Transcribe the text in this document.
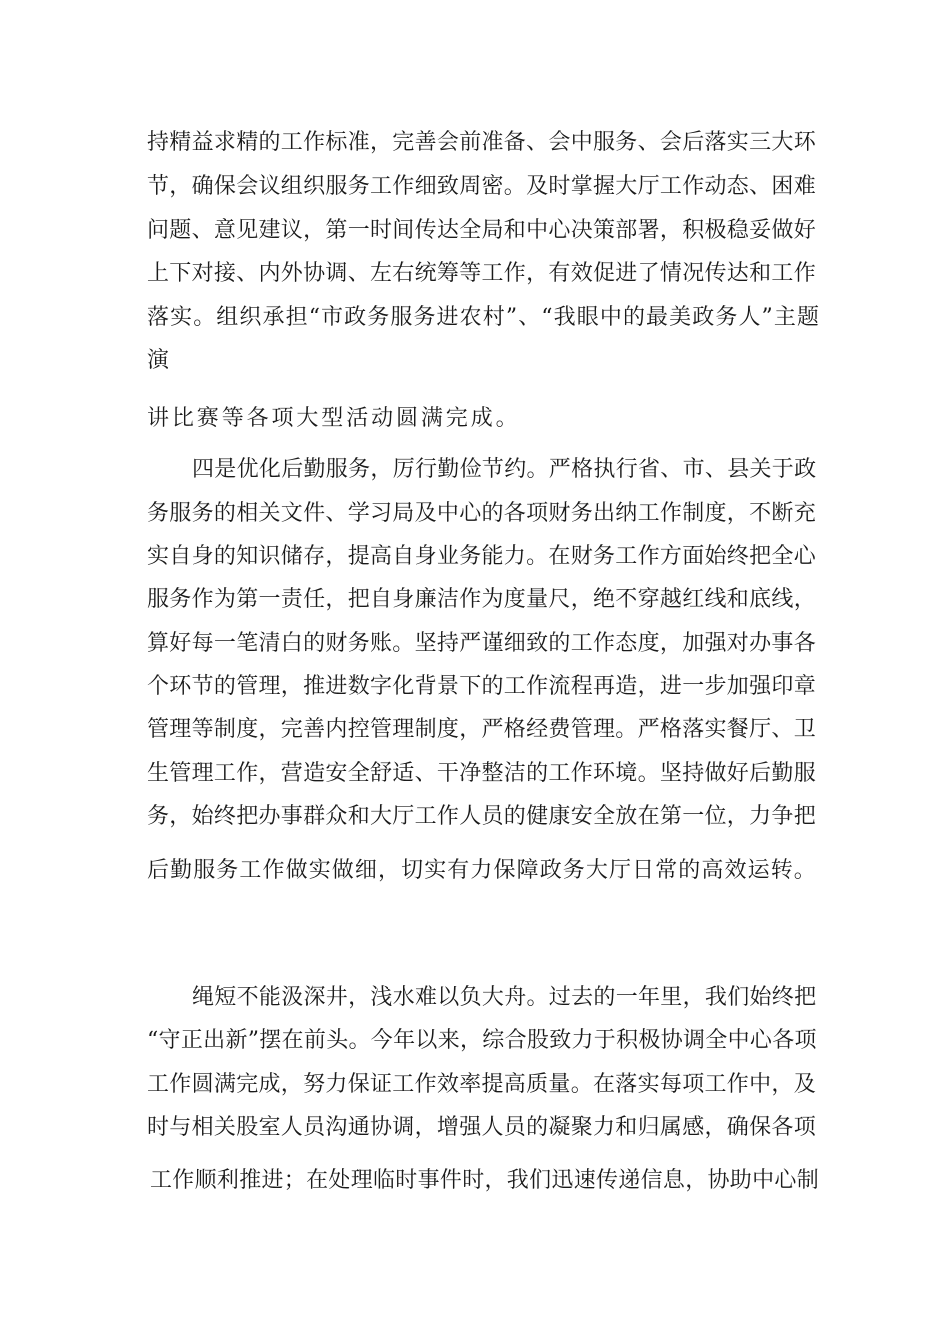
持精益求精的工作标准，完善会前准备、会中服务、会后落实三大环
节，确保会议组织服务工作细致周密。及时掌握大厅工作动态、困难
问题、意见建议，第一时间传达全局和中心决策部署，积极稳妥做好
上下对接、内外协调、左右统筹等工作，有效促进了情况传达和工作
落实。组织承担“市政务服务进农村”、“我眼中的最美政务人”主题
演
讲比赛等各项大型活动圆满完成。
四是优化后勤服务，厉行勤俭节约。严格执行省、市、县关于政
务服务的相关文件、学习局及中心的各项财务出纳工作制度，不断充
实自身的知识储存，提高自身业务能力。在财务工作方面始终把全心
服务作为第一责任，把自身廉洁作为度量尺，绝不穿越红线和底线，
算好每一笔清白的财务账。坚持严谨细致的工作态度，加强对办事各
个环节的管理，推进数字化背景下的工作流程再造，进一步加强印章
管理等制度，完善内控管理制度，严格经费管理。严格落实餐厅、卫
生管理工作，营造安全舒适、干净整洁的工作环境。坚持做好后勤服
务，始终把办事群众和大厅工作人员的健康安全放在第一位，力争把
后勤服务工作做实做细，切实有力保障政务大厅日常的高效运转。
绳短不能汲深井，浅水难以负大舟。过去的一年里，我们始终把
“守正出新”摆在前头。今年以来，综合股致力于积极协调全中心各项
工作圆满完成，努力保证工作效率提高质量。在落实每项工作中，及
时与相关股室人员沟通协调，增强人员的凝聚力和归属感，确保各项
工作顺利推进；在处理临时事件时，我们迅速传递信息，协助中心制
